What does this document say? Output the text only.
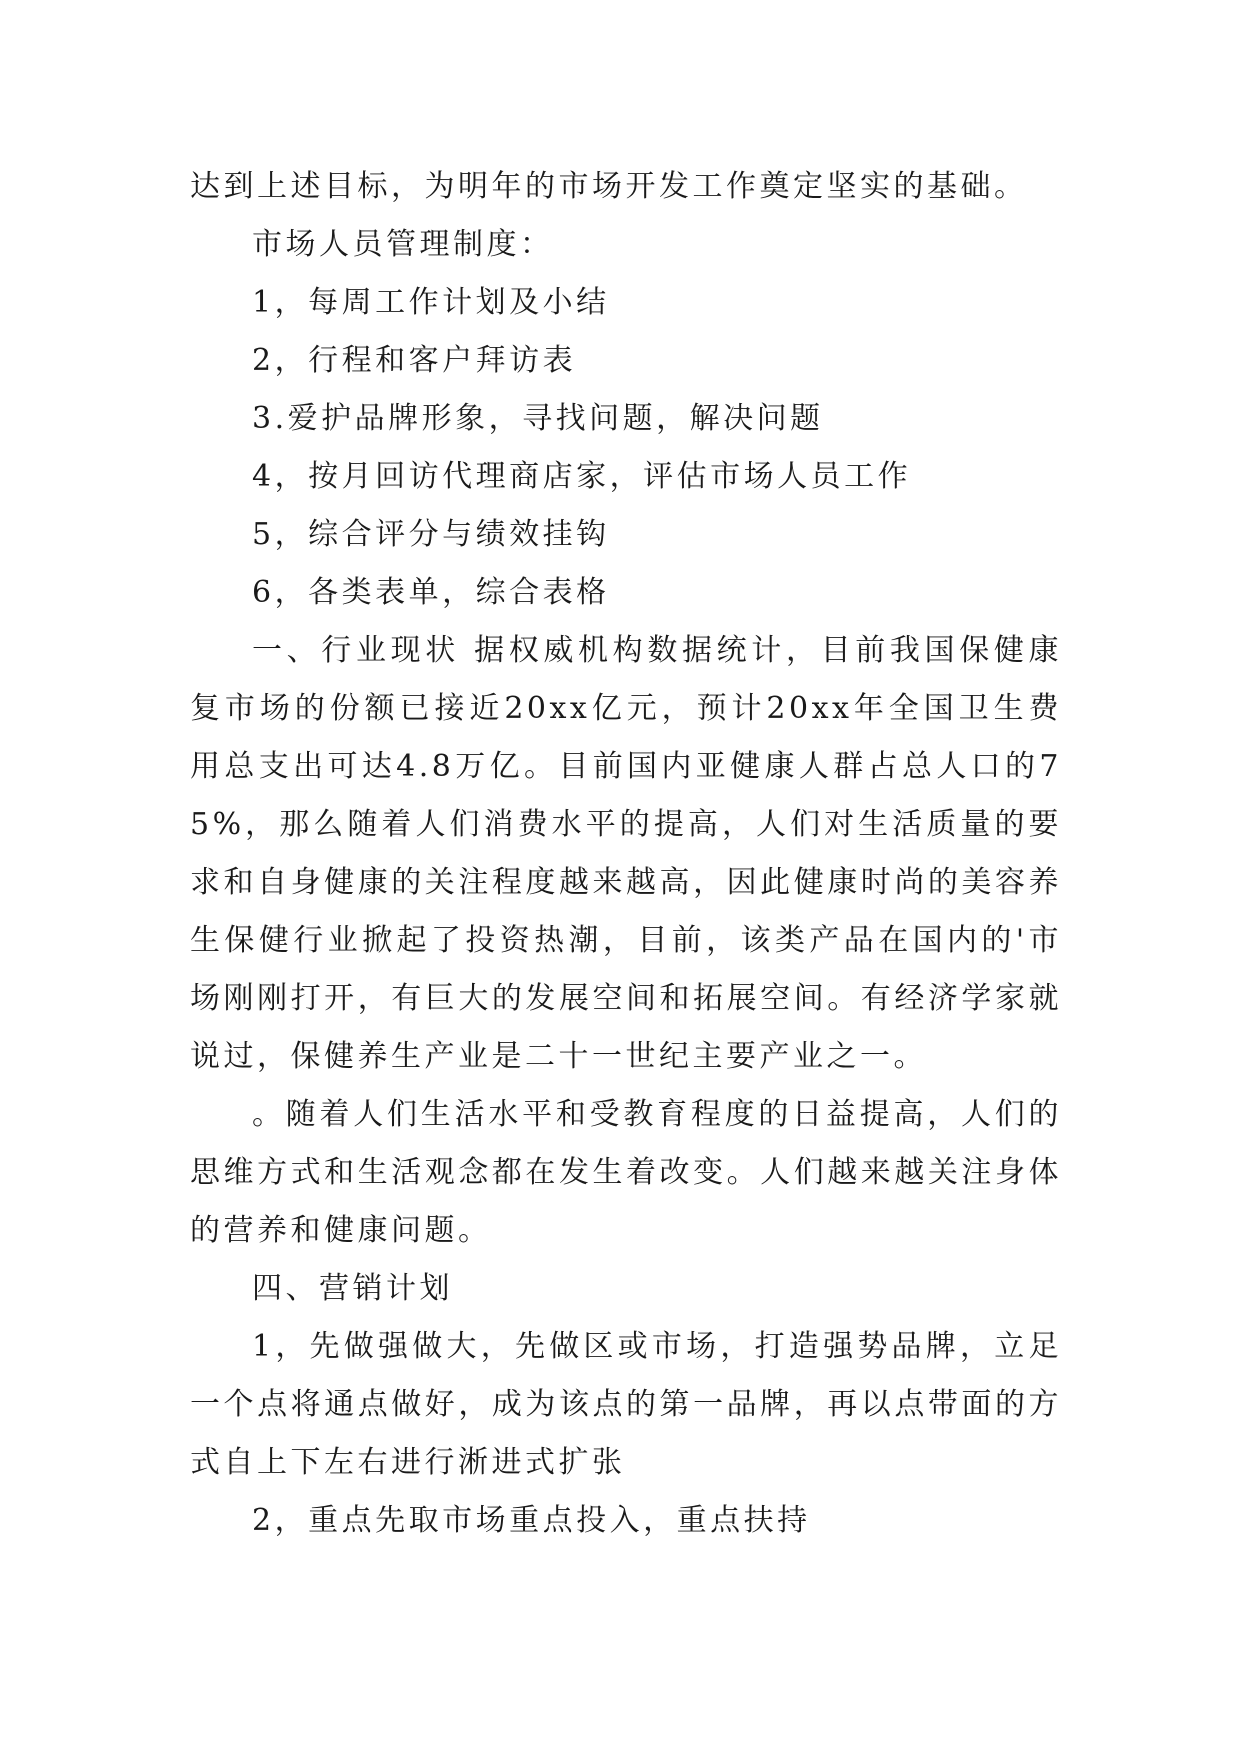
达到上述目标，为明年的市场开发工作奠定坚实的基础。

市场人员管理制度：

1，每周工作计划及小结

2，行程和客户拜访表

3.爱护品牌形象，寻找问题，解决问题

4，按月回访代理商店家，评估市场人员工作

5，综合评分与绩效挂钩

6，各类表单，综合表格

一、行业现状 据权威机构数据统计，目前我国保健康复市场的份额已接近20xx亿元，预计20xx年全国卫生费用总支出可达4.8万亿。目前国内亚健康人群占总人口的75%，那么随着人们消费水平的提高，人们对生活质量的要求和自身健康的关注程度越来越高，因此健康时尚的美容养生保健行业掀起了投资热潮，目前，该类产品在国内的'市场刚刚打开，有巨大的发展空间和拓展空间。有经济学家就说过，保健养生产业是二十一世纪主要产业之一。

。随着人们生活水平和受教育程度的日益提高，人们的思维方式和生活观念都在发生着改变。人们越来越关注身体的营养和健康问题。

四、营销计划

1，先做强做大，先做区或市场，打造强势品牌，立足一个点将通点做好，成为该点的第一品牌，再以点带面的方式自上下左右进行淅进式扩张

2，重点先取市场重点投入，重点扶持
